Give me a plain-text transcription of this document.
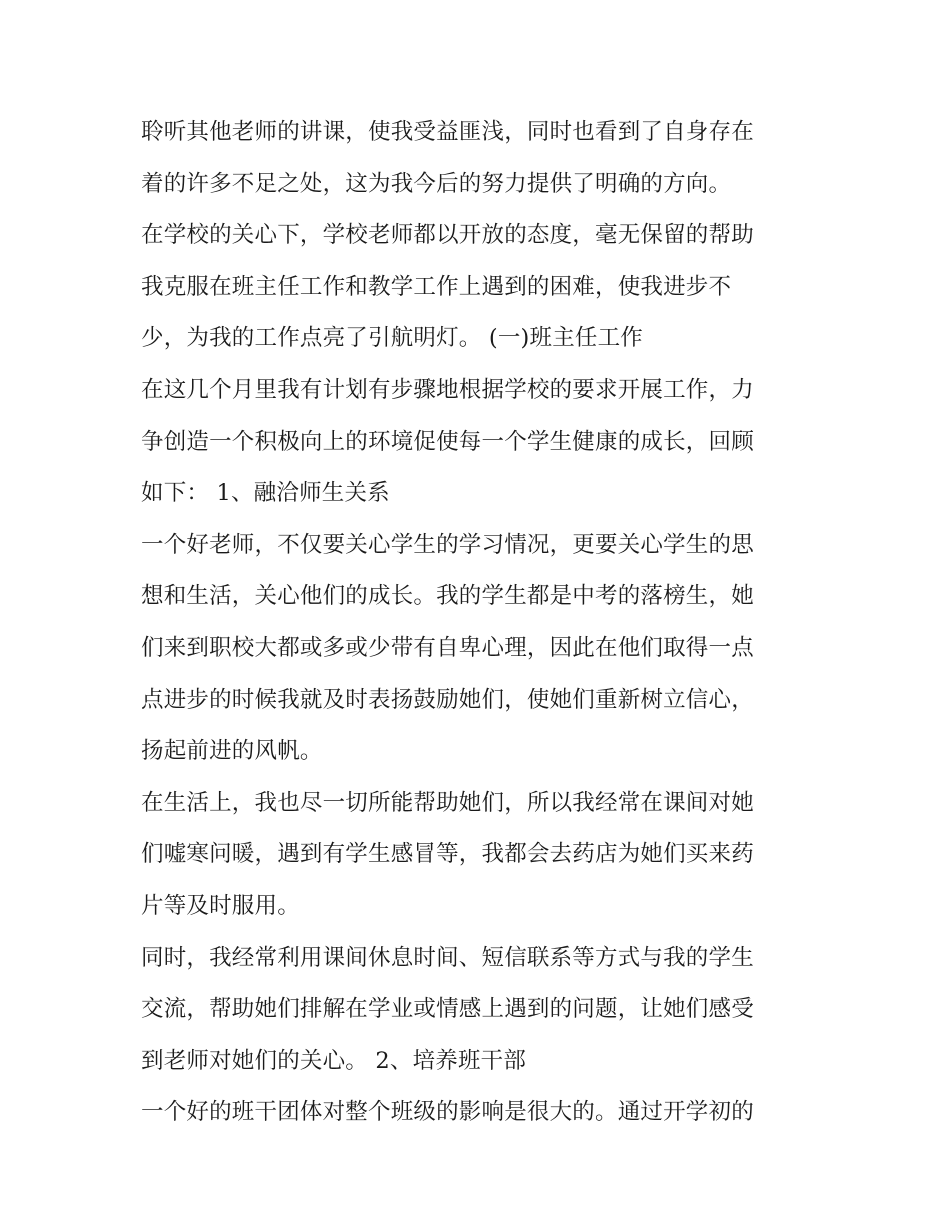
聆听其他老师的讲课，使我受益匪浅，同时也看到了自身存在
着的许多不足之处，这为我今后的努力提供了明确的方向。
在学校的关心下，学校老师都以开放的态度，毫无保留的帮助
我克服在班主任工作和教学工作上遇到的困难，使我进步不
少，为我的工作点亮了引航明灯。 (一)班主任工作
在这几个月里我有计划有步骤地根据学校的要求开展工作，力
争创造一个积极向上的环境促使每一个学生健康的成长，回顾
如下： 1、融洽师生关系
一个好老师，不仅要关心学生的学习情况，更要关心学生的思
想和生活，关心他们的成长。我的学生都是中考的落榜生，她
们来到职校大都或多或少带有自卑心理，因此在他们取得一点
点进步的时候我就及时表扬鼓励她们，使她们重新树立信心，
扬起前进的风帆。
在生活上，我也尽一切所能帮助她们，所以我经常在课间对她
们嘘寒问暖，遇到有学生感冒等，我都会去药店为她们买来药
片等及时服用。
同时，我经常利用课间休息时间、短信联系等方式与我的学生
交流，帮助她们排解在学业或情感上遇到的问题，让她们感受
到老师对她们的关心。 2、培养班干部
一个好的班干团体对整个班级的影响是很大的。通过开学初的
